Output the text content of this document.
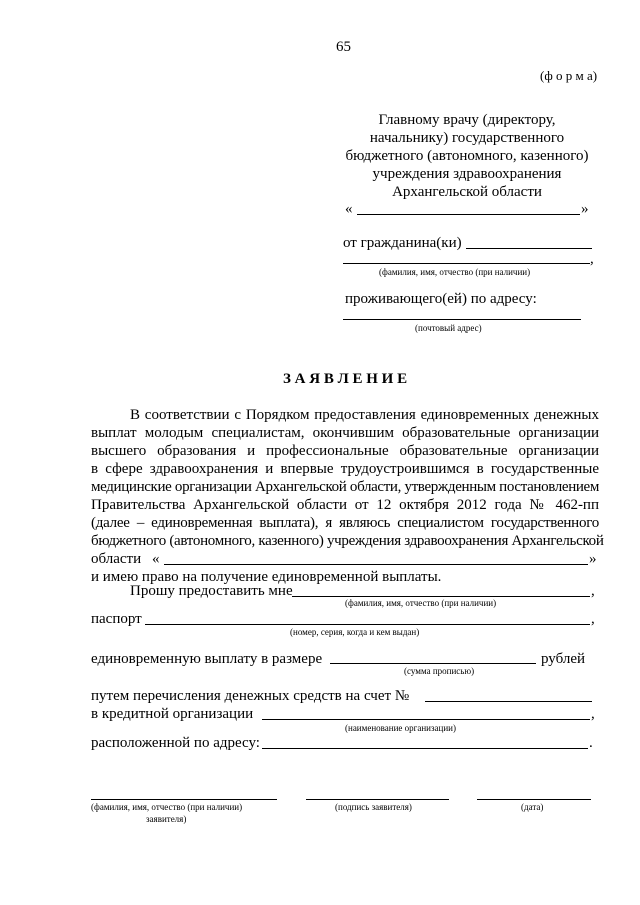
65
(ф о р м а)
Главному врачу (директору,
начальнику) государственного
бюджетного (автономного, казенного)
учреждения здравоохранения
Архангельской области
«	»
от гражданина(ки)
,
(фамилия, имя, отчество (при наличии)
проживающего(ей) по адресу:
(почтовый адрес)
З А Я В Л Е Н И Е
В соответствии с Порядком предоставления единовременных денежных
выплат молодым специалистам, окончившим образовательные организации
высшего образования и профессиональные образовательные организации
в сфере здравоохранения и впервые трудоустроившимся в государственные
медицинские организации Архангельской области, утвержденным постановлением
Правительства Архангельской области от 12 октября 2012 года № 462-пп
(далее – единовременная выплата), я являюсь специалистом государственного
бюджетного (автономного, казенного) учреждения здравоохранения Архангельской
области «	»
и имею право на получение единовременной выплаты.
Прошу предоставить мне	,
(фамилия, имя, отчество (при наличии)
паспорт	,
(номер, серия, когда и кем выдан)
единовременную выплату в размере	рублей
(сумма прописью)
путем перечисления денежных средств на счет №
в кредитной организации	,
(наименование организации)
расположенной по адресу:	.
(фамилия, имя, отчество (при наличии)
заявителя)
(подпись заявителя)	(дата)
